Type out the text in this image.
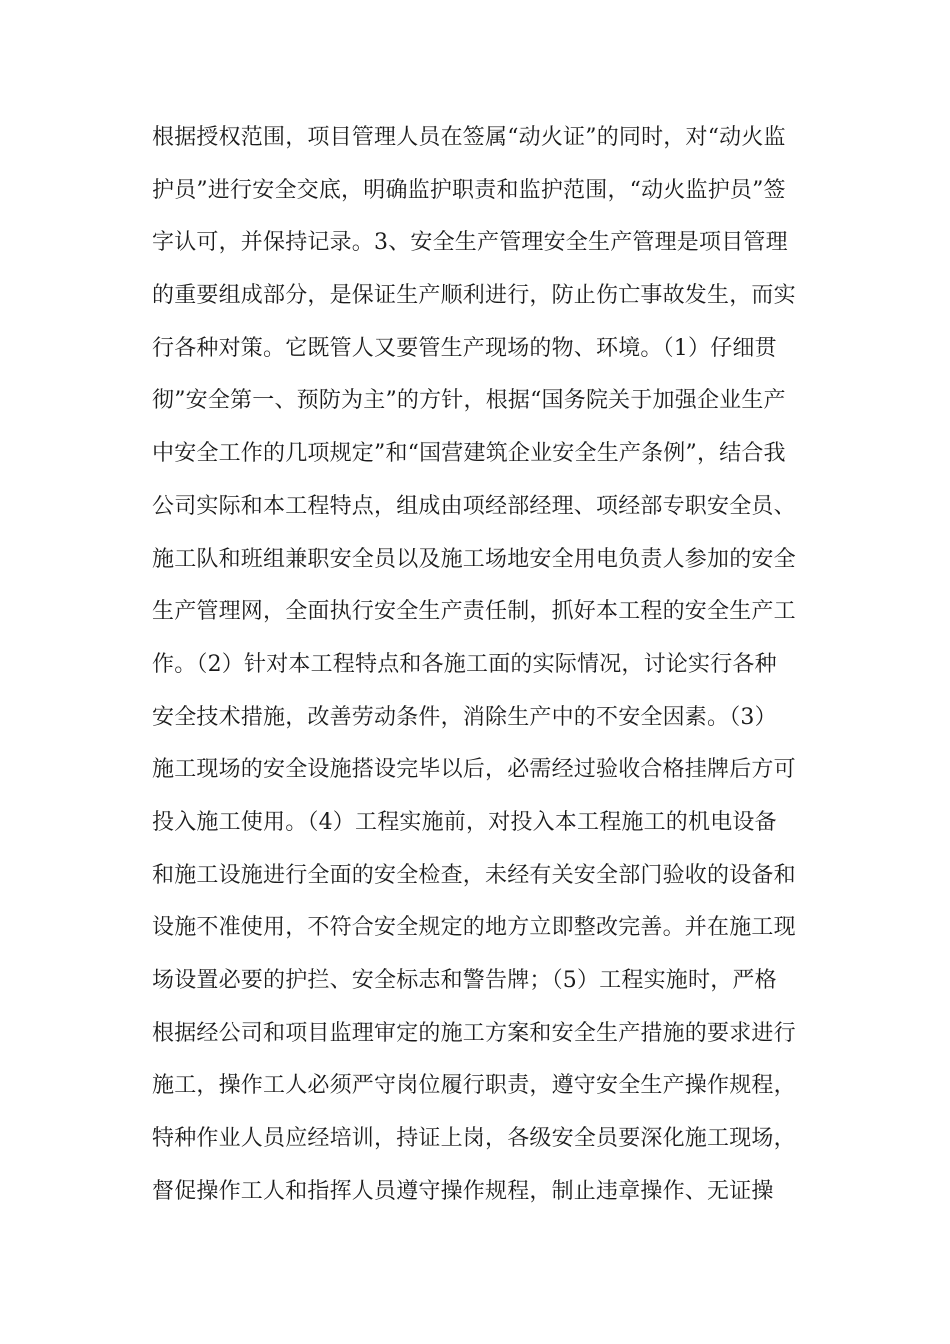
根据授权范围，项目管理人员在签属“动火证”的同时，对“动火监
护员”进行安全交底，明确监护职责和监护范围，“动火监护员”签
字认可，并保持记录。3、安全生产管理安全生产管理是项目管理
的重要组成部分，是保证生产顺利进行，防止伤亡事故发生，而实
行各种对策。它既管人又要管生产现场的物、环境。（1）仔细贯
彻”安全第一、预防为主”的方针，根据“国务院关于加强企业生产
中安全工作的几项规定”和“国营建筑企业安全生产条例”，结合我
公司实际和本工程特点，组成由项经部经理、项经部专职安全员、
施工队和班组兼职安全员以及施工场地安全用电负责人参加的安全
生产管理网，全面执行安全生产责任制，抓好本工程的安全生产工
作。（2）针对本工程特点和各施工面的实际情况，讨论实行各种
安全技术措施，改善劳动条件，消除生产中的不安全因素。（3）
施工现场的安全设施搭设完毕以后，必需经过验收合格挂牌后方可
投入施工使用。（4）工程实施前，对投入本工程施工的机电设备
和施工设施进行全面的安全检查，未经有关安全部门验收的设备和
设施不准使用，不符合安全规定的地方立即整改完善。并在施工现
场设置必要的护拦、安全标志和警告牌；（5）工程实施时，严格
根据经公司和项目监理审定的施工方案和安全生产措施的要求进行
施工，操作工人必须严守岗位履行职责，遵守安全生产操作规程，
特种作业人员应经培训，持证上岗，各级安全员要深化施工现场，
督促操作工人和指挥人员遵守操作规程，制止违章操作、无证操
